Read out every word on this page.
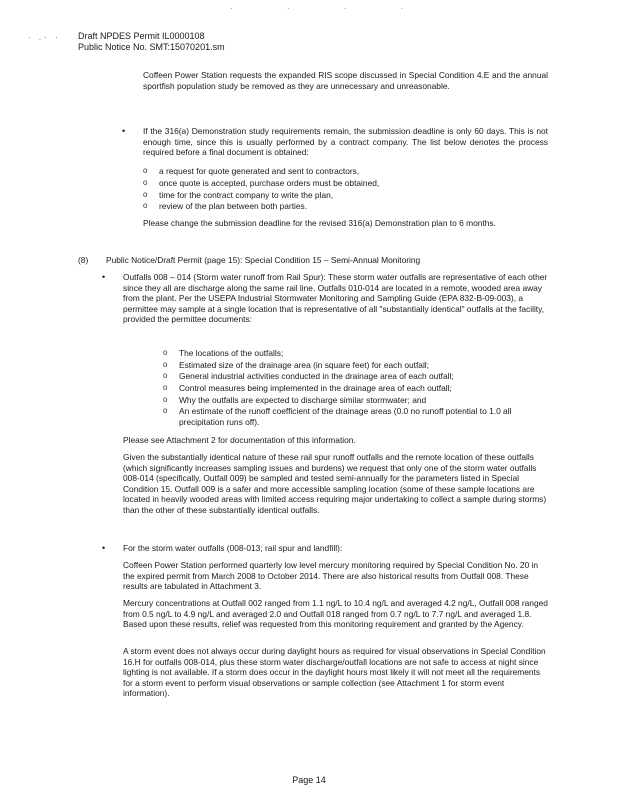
· · · ·
· .· · Draft NPDES Permit IL0000108
Public Notice No. SMT:15070201.sm
Coffeen Power Station requests the expanded RIS scope discussed in Special Condition 4.E and the annual sportfish population study be removed as they are unnecessary and unreasonable.
• If the 316(a) Demonstration study requirements remain, the submission deadline is only 60 days. This is not enough time, since this is usually performed by a contract company. The list below denotes the process required before a final document is obtained:
o a request for quote generated and sent to contractors,
o once quote is accepted, purchase orders must be obtained,
o time for the contract company to write the plan,
o review of the plan between both parties.
Please change the submission deadline for the revised 316(a) Demonstration plan to 6 months.
(8) Public Notice/Draft Permit (page 15): Special Condition 15 – Semi-Annual Monitoring
• Outfalls 008 – 014 (Storm water runoff from Rail Spur): These storm water outfalls are representative of each other since they all are discharge along the same rail line. Outfalls 010-014 are located in a remote, wooded area away from the plant. Per the USEPA Industrial Stormwater Monitoring and Sampling Guide (EPA 832-B-09-003), a permittee may sample at a single location that is representative of all "substantially identical" outfalls at the facility, provided the permittee documents:
o The locations of the outfalls;
o Estimated size of the drainage area (in square feet) for each outfall;
o General industrial activities conducted in the drainage area of each outfall;
o Control measures being implemented in the drainage area of each outfall;
o Why the outfalls are expected to discharge similar stormwater; and
o An estimate of the runoff coefficient of the drainage areas (0.0 no runoff potential to 1.0 all precipitation runs off).
Please see Attachment 2 for documentation of this information.
Given the substantially identical nature of these rail spur runoff outfalls and the remote location of these outfalls (which significantly increases sampling issues and burdens) we request that only one of the storm water outfalls 008-014 (specifically, Outfall 009) be sampled and tested semi-annually for the parameters listed in Special Condition 15. Outfall 009 is a safer and more accessible sampling location (some of these sample locations are located in heavily wooded areas with limited access requiring major undertaking to collect a sample during storms) than the other of these substantially identical outfalls.
• For the storm water outfalls (008-013; rail spur and landfill):
Coffeen Power Station performed quarterly low level mercury monitoring required by Special Condition No. 20 in the expired permit from March 2008 to October 2014. There are also historical results from Outfall 008. These results are tabulated in Attachment 3.
Mercury concentrations at Outfall 002 ranged from 1.1 ng/L to 10.4 ng/L and averaged 4.2 ng/L, Outfall 008 ranged from 0.5 ng/L to 4.9 ng/L and averaged 2.0 and Outfall 018 ranged from 0.7 ng/L to 7.7 ng/L and averaged 1.8. Based upon these results, relief was requested from this monitoring requirement and granted by the Agency.
A storm event does not always occur during daylight hours as required for visual observations in Special Condition 16.H for outfalls 008-014, plus these storm water discharge/outfall locations are not safe to access at night since lighting is not available. If a storm does occur in the daylight hours most likely it will not meet all the requirements for a storm event to perform visual observations or sample collection (see Attachment 1 for storm event information).
Page 14
